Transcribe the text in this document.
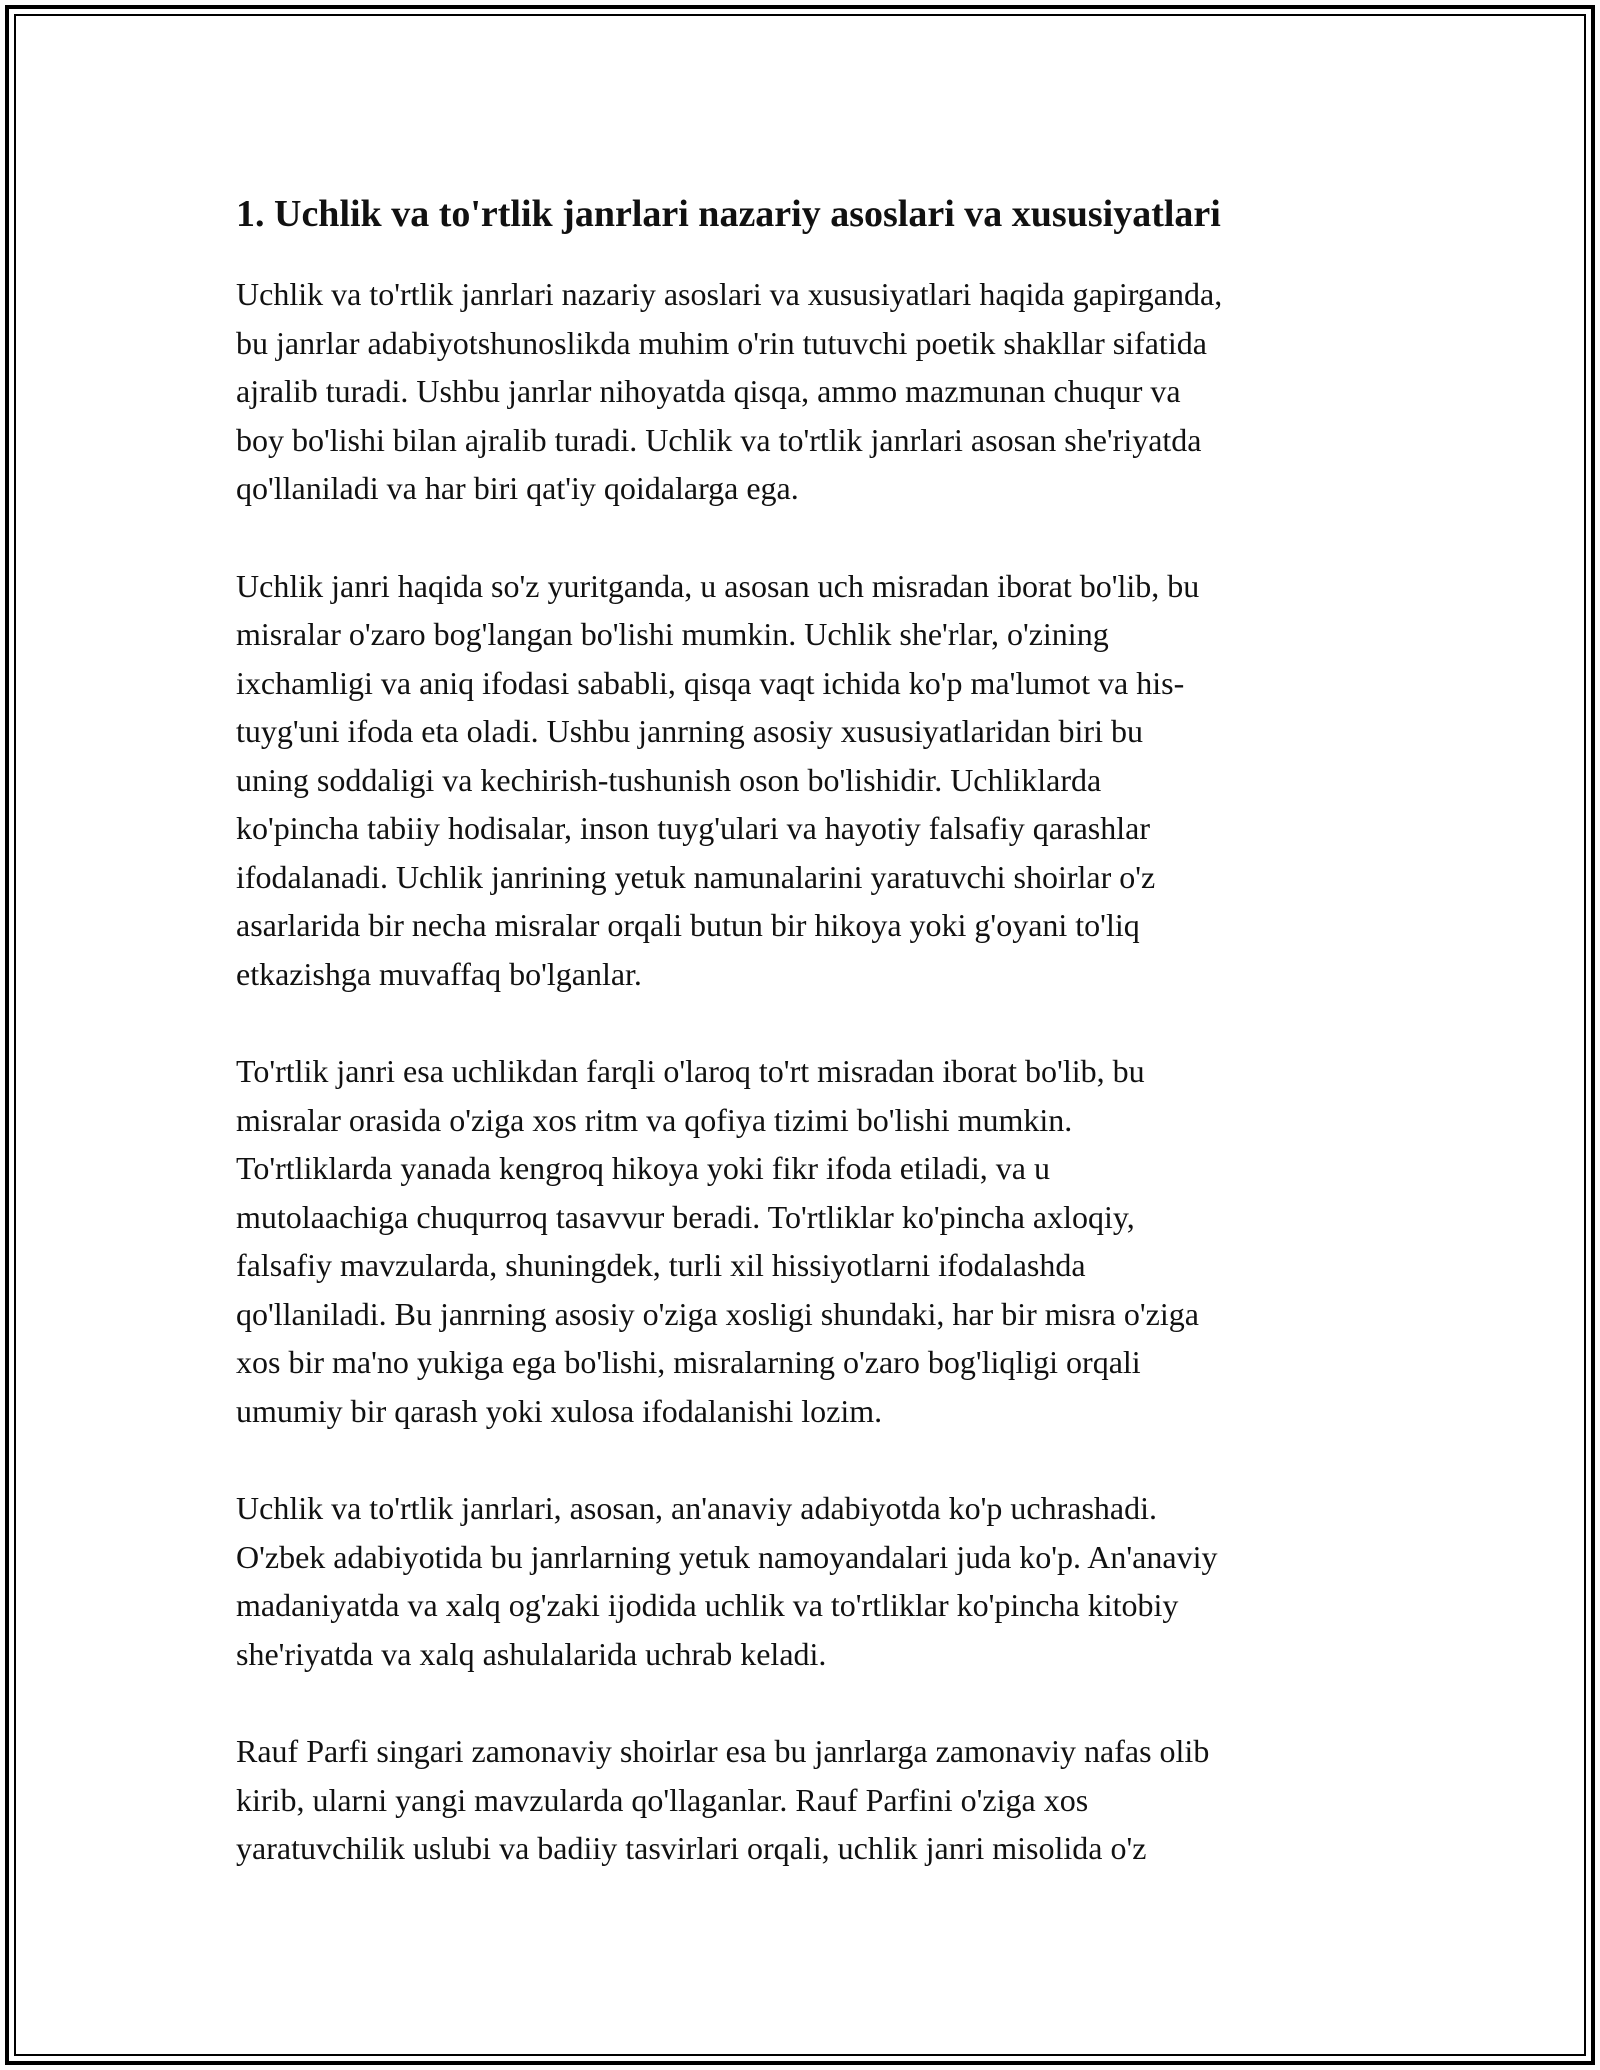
1. Uchlik va to'rtlik janrlari nazariy asoslari va xususiyatlari

Uchlik va to'rtlik janrlari nazariy asoslari va xususiyatlari haqida gapirganda,
bu janrlar adabiyotshunoslikda muhim o'rin tutuvchi poetik shakllar sifatida
ajralib turadi. Ushbu janrlar nihoyatda qisqa, ammo mazmunan chuqur va
boy bo'lishi bilan ajralib turadi. Uchlik va to'rtlik janrlari asosan she'riyatda
qo'llaniladi va har biri qat'iy qoidalarga ega.

Uchlik janri haqida so'z yuritganda, u asosan uch misradan iborat bo'lib, bu
misralar o'zaro bog'langan bo'lishi mumkin. Uchlik she'rlar, o'zining
ixchamligi va aniq ifodasi sababli, qisqa vaqt ichida ko'p ma'lumot va his-
tuyg'uni ifoda eta oladi. Ushbu janrning asosiy xususiyatlaridan biri bu
uning soddaligi va kechirish-tushunish oson bo'lishidir. Uchliklarda
ko'pincha tabiiy hodisalar, inson tuyg'ulari va hayotiy falsafiy qarashlar
ifodalanadi. Uchlik janrining yetuk namunalarini yaratuvchi shoirlar o'z
asarlarida bir necha misralar orqali butun bir hikoya yoki g'oyani to'liq
etkazishga muvaffaq bo'lganlar.

To'rtlik janri esa uchlikdan farqli o'laroq to'rt misradan iborat bo'lib, bu
misralar orasida o'ziga xos ritm va qofiya tizimi bo'lishi mumkin.
To'rtliklarda yanada kengroq hikoya yoki fikr ifoda etiladi, va u
mutolaachiga chuqurroq tasavvur beradi. To'rtliklar ko'pincha axloqiy,
falsafiy mavzularda, shuningdek, turli xil hissiyotlarni ifodalashda
qo'llaniladi. Bu janrning asosiy o'ziga xosligi shundaki, har bir misra o'ziga
xos bir ma'no yukiga ega bo'lishi, misralarning o'zaro bog'liqligi orqali
umumiy bir qarash yoki xulosa ifodalanishi lozim.

Uchlik va to'rtlik janrlari, asosan, an'anaviy adabiyotda ko'p uchrashadi.
O'zbek adabiyotida bu janrlarning yetuk namoyandalari juda ko'p. An'anaviy
madaniyatda va xalq og'zaki ijodida uchlik va to'rtliklar ko'pincha kitobiy
she'riyatda va xalq ashulalarida uchrab keladi.

Rauf Parfi singari zamonaviy shoirlar esa bu janrlarga zamonaviy nafas olib
kirib, ularni yangi mavzularda qo'llaganlar. Rauf Parfini o'ziga xos
yaratuvchilik uslubi va badiiy tasvirlari orqali, uchlik janri misolida o'z
